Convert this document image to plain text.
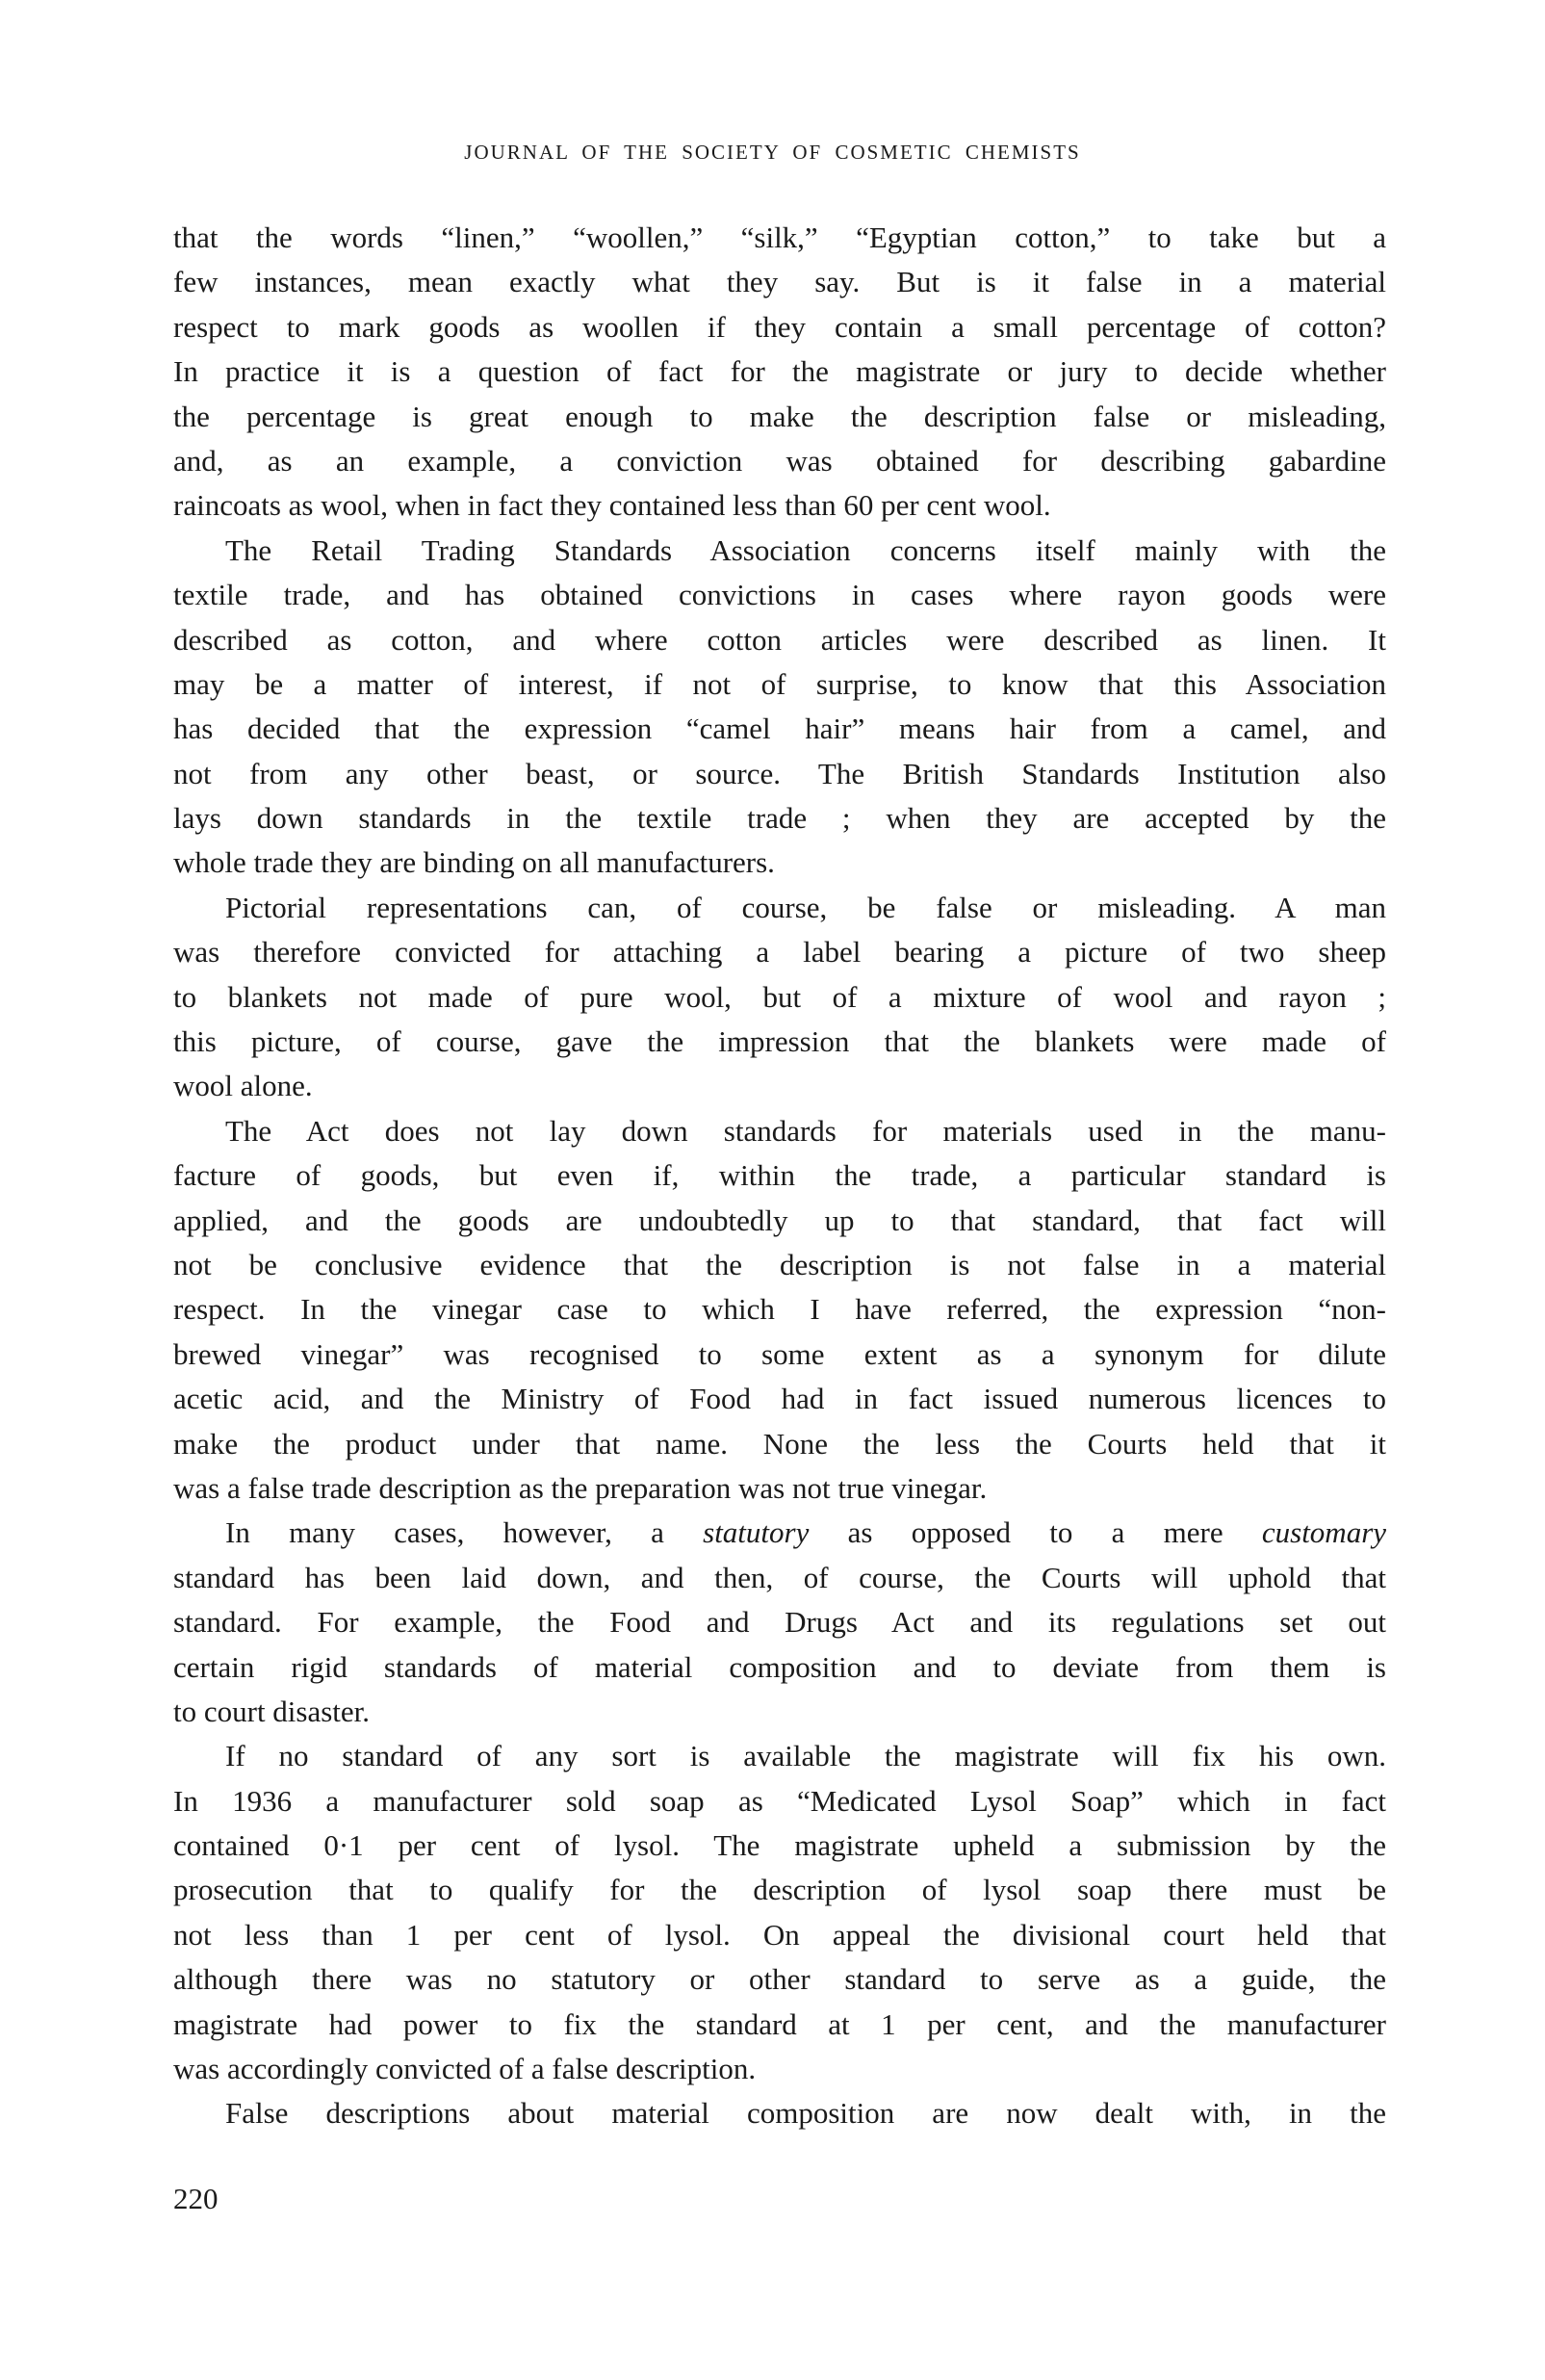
JOURNAL OF THE SOCIETY OF COSMETIC CHEMISTS
that the words “linen,” “woollen,” “silk,” “Egyptian cotton,” to take but a
few instances, mean exactly what they say. But is it false in a material
respect to mark goods as woollen if they contain a small percentage of cotton?
In practice it is a question of fact for the magistrate or jury to decide whether
the percentage is great enough to make the description false or misleading,
and, as an example, a conviction was obtained for describing gabardine
raincoats as wool, when in fact they contained less than 60 per cent wool.
The Retail Trading Standards Association concerns itself mainly with the
textile trade, and has obtained convictions in cases where rayon goods were
described as cotton, and where cotton articles were described as linen. It
may be a matter of interest, if not of surprise, to know that this Association
has decided that the expression “camel hair” means hair from a camel, and
not from any other beast, or source. The British Standards Institution also
lays down standards in the textile trade ; when they are accepted by the
whole trade they are binding on all manufacturers.
Pictorial representations can, of course, be false or misleading. A man
was therefore convicted for attaching a label bearing a picture of two sheep
to blankets not made of pure wool, but of a mixture of wool and rayon ;
this picture, of course, gave the impression that the blankets were made of
wool alone.
The Act does not lay down standards for materials used in the manu-
facture of goods, but even if, within the trade, a particular standard is
applied, and the goods are undoubtedly up to that standard, that fact will
not be conclusive evidence that the description is not false in a material
respect. In the vinegar case to which I have referred, the expression “non-
brewed vinegar” was recognised to some extent as a synonym for dilute
acetic acid, and the Ministry of Food had in fact issued numerous licences to
make the product under that name. None the less the Courts held that it
was a false trade description as the preparation was not true vinegar.
In many cases, however, a statutory as opposed to a mere customary
standard has been laid down, and then, of course, the Courts will uphold that
standard. For example, the Food and Drugs Act and its regulations set out
certain rigid standards of material composition and to deviate from them is
to court disaster.
If no standard of any sort is available the magistrate will fix his own.
In 1936 a manufacturer sold soap as “Medicated Lysol Soap” which in fact
contained 0·1 per cent of lysol. The magistrate upheld a submission by the
prosecution that to qualify for the description of lysol soap there must be
not less than 1 per cent of lysol. On appeal the divisional court held that
although there was no statutory or other standard to serve as a guide, the
magistrate had power to fix the standard at 1 per cent, and the manufacturer
was accordingly convicted of a false description.
False descriptions about material composition are now dealt with, in the
220
